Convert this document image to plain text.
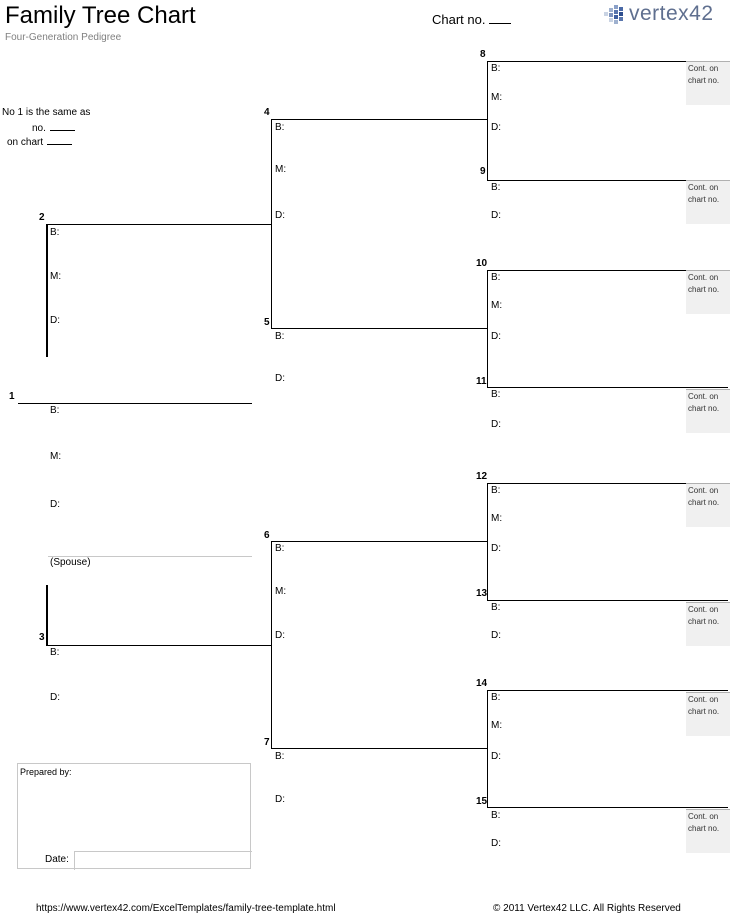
Family Tree Chart
Four-Generation Pedigree
Chart no.	vertex42
No 1 is the same as
no.
on chart
1
B:
M:
D:
(Spouse)
2
B:
M:
D:
3
B:
D:
4
B:
M:
D:
5
B:
D:
6
B:
M:
D:
7
B:
D:
8
B:
M:
D:
Cont. on
chart no.
9
B:
D:
Cont. on
chart no.
10
B:
M:
D:
Cont. on
chart no.
11
B:
D:
Cont. on
chart no.
12
B:
M:
D:
Cont. on
chart no.
13
B:
D:
Cont. on
chart no.
14
B:
M:
D:
Cont. on
chart no.
15
B:
D:
Cont. on
chart no.
Prepared by:
Date:
https://www.vertex42.com/ExcelTemplates/family-tree-template.html	© 2011 Vertex42 LLC. All Rights Reserved
